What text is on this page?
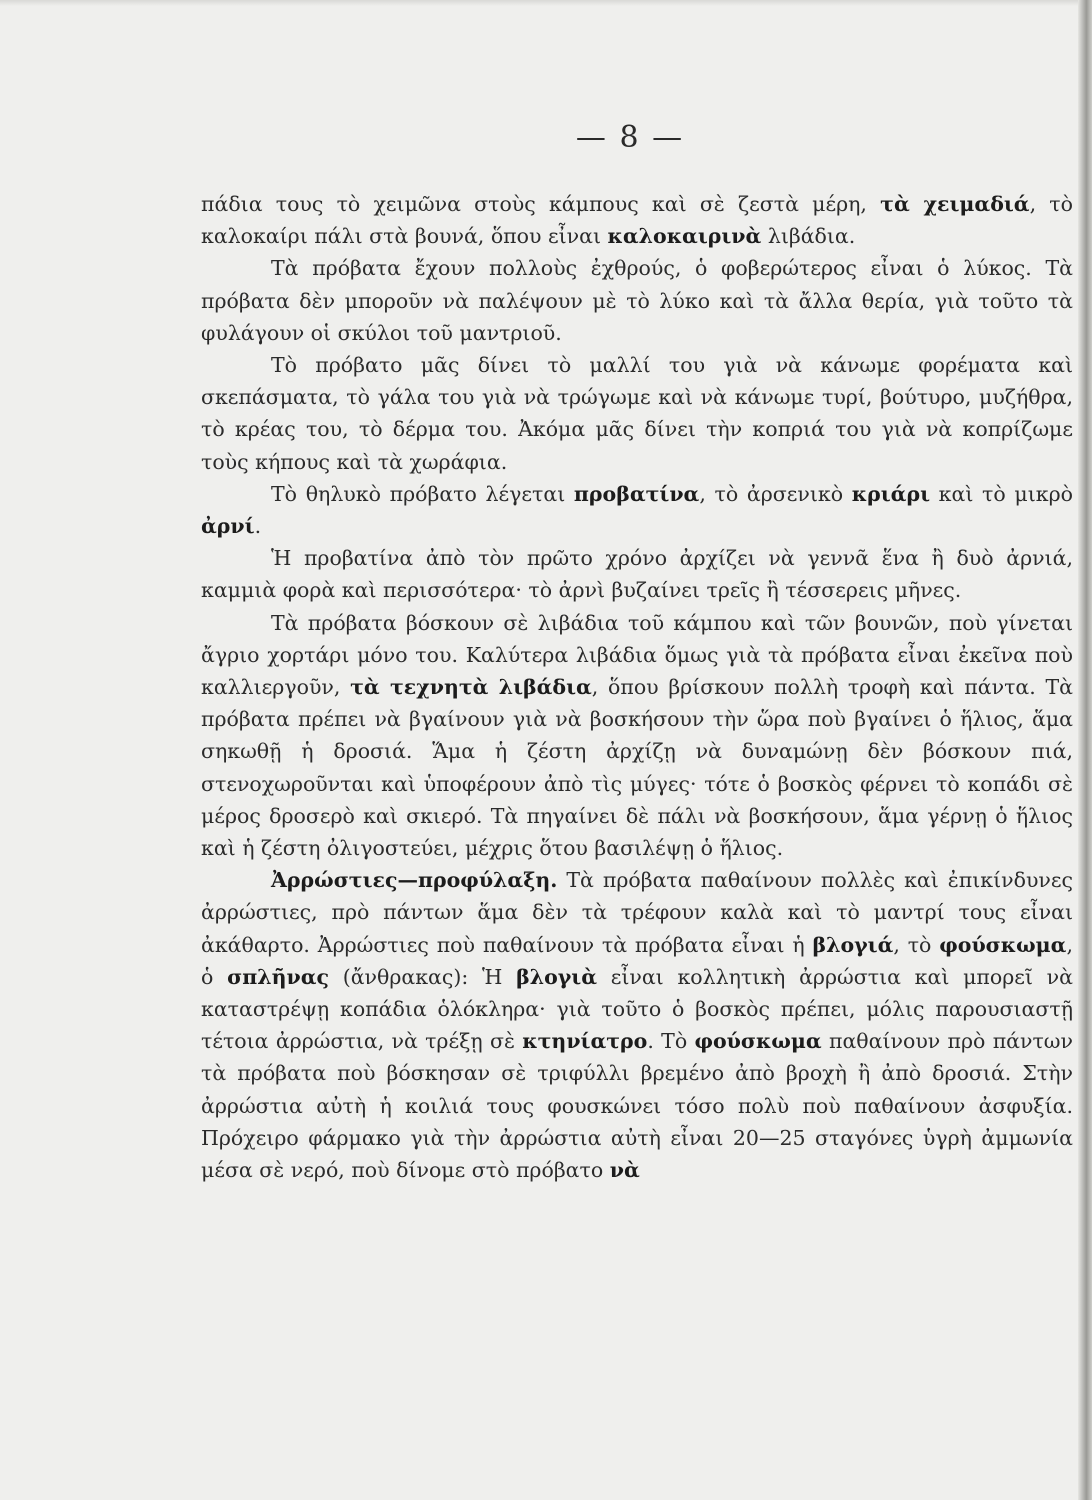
— 8 —

πάδια τους τὸ χειμῶνα στοὺς κάμπους καὶ σὲ ζεστὰ μέρη, τὰ χειμαδιά, τὸ καλοκαίρι πάλι στὰ βουνά, ὅπου εἶναι καλοκαιρινὰ λιβάδια.

Τὰ πρόβατα ἔχουν πολλοὺς ἐχθρούς, ὁ φοβερώτερος εἶναι ὁ λύκος. Τὰ πρόβατα δὲν μποροῦν νὰ παλέψουν μὲ τὸ λύκο καὶ τὰ ἄλλα θερία, γιὰ τοῦτο τὰ φυλάγουν οἱ σκύλοι τοῦ μαντριοῦ.

Τὸ πρόβατο μᾶς δίνει τὸ μαλλί του γιὰ νὰ κάνωμε φορέματα καὶ σκεπάσματα, τὸ γάλα του γιὰ νὰ τρώγωμε καὶ νὰ κάνωμε τυρί, βούτυρο, μυζήθρα, τὸ κρέας του, τὸ δέρμα του. Ἀκόμα μᾶς δίνει τὴν κοπριά του γιὰ νὰ κοπρίζωμε τοὺς κήπους καὶ τὰ χωράφια.

Τὸ θηλυκὸ πρόβατο λέγεται προβατίνα, τὸ ἀρσενικὸ κριάρι καὶ τὸ μικρὸ ἀρνί.

Ἡ προβατίνα ἀπὸ τὸν πρῶτο χρόνο ἀρχίζει νὰ γεννᾶ ἕνα ἢ δυὸ ἀρνιά, καμμιὰ φορὰ καὶ περισσότερα· τὸ ἀρνὶ βυζαίνει τρεῖς ἢ τέσσερεις μῆνες.

Τὰ πρόβατα βόσκουν σὲ λιβάδια τοῦ κάμπου καὶ τῶν βουνῶν, ποὺ γίνεται ἄγριο χορτάρι μόνο του. Καλύτερα λιβάδια ὅμως γιὰ τὰ πρόβατα εἶναι ἐκεῖνα ποὺ καλλιεργοῦν, τὰ τεχνητὰ λιβάδια, ὅπου βρίσκουν πολλὴ τροφὴ καὶ πάντα. Τὰ πρόβατα πρέπει νὰ βγαίνουν γιὰ νὰ βοσκήσουν τὴν ὥρα ποὺ βγαίνει ὁ ἥλιος, ἅμα σηκωθῇ ἡ δροσιά. Ἅμα ἡ ζέστη ἀρχίζῃ νὰ δυναμώνῃ δὲν βόσκουν πιά, στενοχωροῦνται καὶ ὑποφέρουν ἀπὸ τὶς μύγες· τότε ὁ βοσκὸς φέρνει τὸ κοπάδι σὲ μέρος δροσερὸ καὶ σκιερό. Τὰ πηγαίνει δὲ πάλι νὰ βοσκήσουν, ἅμα γέρνῃ ὁ ἥλιος καὶ ἡ ζέστη ὀλιγοστεύει, μέχρις ὅτου βασιλέψῃ ὁ ἥλιος.

Ἀρρώστιες—προφύλαξη. Τὰ πρόβατα παθαίνουν πολλὲς καὶ ἐπικίνδυνες ἀρρώστιες, πρὸ πάντων ἅμα δὲν τὰ τρέφουν καλὰ καὶ τὸ μαντρί τους εἶναι ἀκάθαρτο. Ἀρρώστιες ποὺ παθαίνουν τὰ πρόβατα εἶναι ἡ βλογιά, τὸ φούσκωμα, ὁ σπλῆνας (ἄνθρακας): Ἡ βλογιὰ εἶναι κολλητικὴ ἀρρώστια καὶ μπορεῖ νὰ καταστρέψῃ κοπάδια ὁλόκληρα· γιὰ τοῦτο ὁ βοσκὸς πρέπει, μόλις παρουσιαστῇ τέτοια ἀρρώστια, νὰ τρέξῃ σὲ κτηνίατρο. Τὸ φούσκωμα παθαίνουν πρὸ πάντων τὰ πρόβατα ποὺ βόσκησαν σὲ τριφύλλι βρεμένο ἀπὸ βροχὴ ἢ ἀπὸ δροσιά. Στὴν ἀρρώστια αὐτὴ ἡ κοιλιά τους φουσκώνει τόσο πολὺ ποὺ παθαίνουν ἀσφυξία. Πρόχειρο φάρμακο γιὰ τὴν ἀρρώστια αὐτὴ εἶναι 20—25 σταγόνες ὑγρὴ ἀμμωνία μέσα σὲ νερό, ποὺ δίνομε στὸ πρόβατο νὰ
